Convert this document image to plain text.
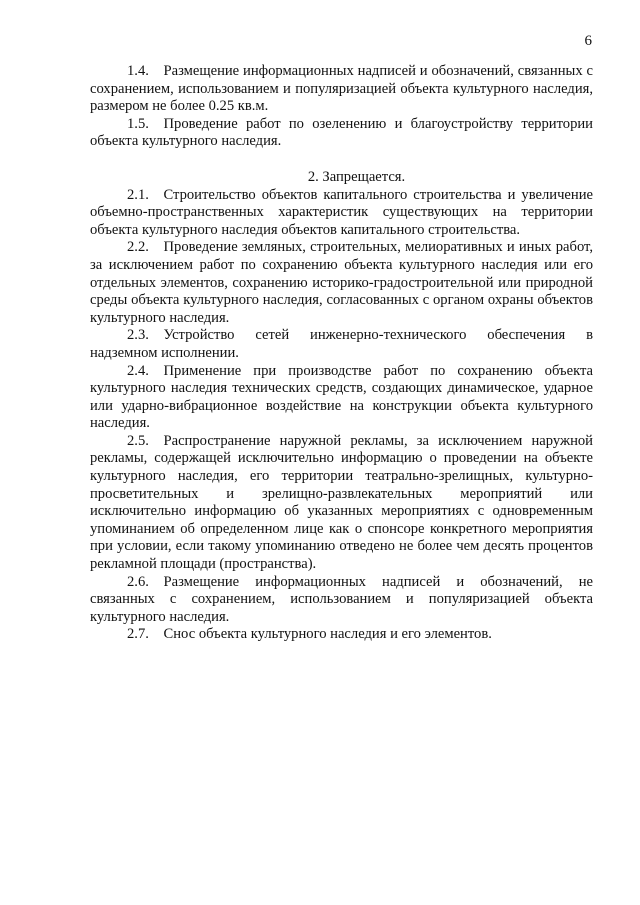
6

1.4. Размещение информационных надписей и обозначений, связанных с сохранением, использованием и популяризацией объекта культурного наследия, размером не более 0.25 кв.м.

1.5. Проведение работ по озеленению и благоустройству территории объекта культурного наследия.

2. Запрещается.

2.1. Строительство объектов капитального строительства и увеличение объемно-пространственных характеристик существующих на территории объекта культурного наследия объектов капитального строительства.

2.2. Проведение земляных, строительных, мелиоративных и иных работ, за исключением работ по сохранению объекта культурного наследия или его отдельных элементов, сохранению историко-градостроительной или природной среды объекта культурного наследия, согласованных с органом охраны объектов культурного наследия.

2.3. Устройство сетей инженерно-технического обеспечения в надземном исполнении.

2.4. Применение при производстве работ по сохранению объекта культурного наследия технических средств, создающих динамическое, ударное или ударно-вибрационное воздействие на конструкции объекта культурного наследия.

2.5. Распространение наружной рекламы, за исключением наружной рекламы, содержащей исключительно информацию о проведении на объекте культурного наследия, его территории театрально-зрелищных, культурно-просветительных и зрелищно-развлекательных мероприятий или исключительно информацию об указанных мероприятиях с одновременным упоминанием об определенном лице как о спонсоре конкретного мероприятия при условии, если такому упоминанию отведено не более чем десять процентов рекламной площади (пространства).

2.6. Размещение информационных надписей и обозначений, не связанных с сохранением, использованием и популяризацией объекта культурного наследия.

2.7. Снос объекта культурного наследия и его элементов.
